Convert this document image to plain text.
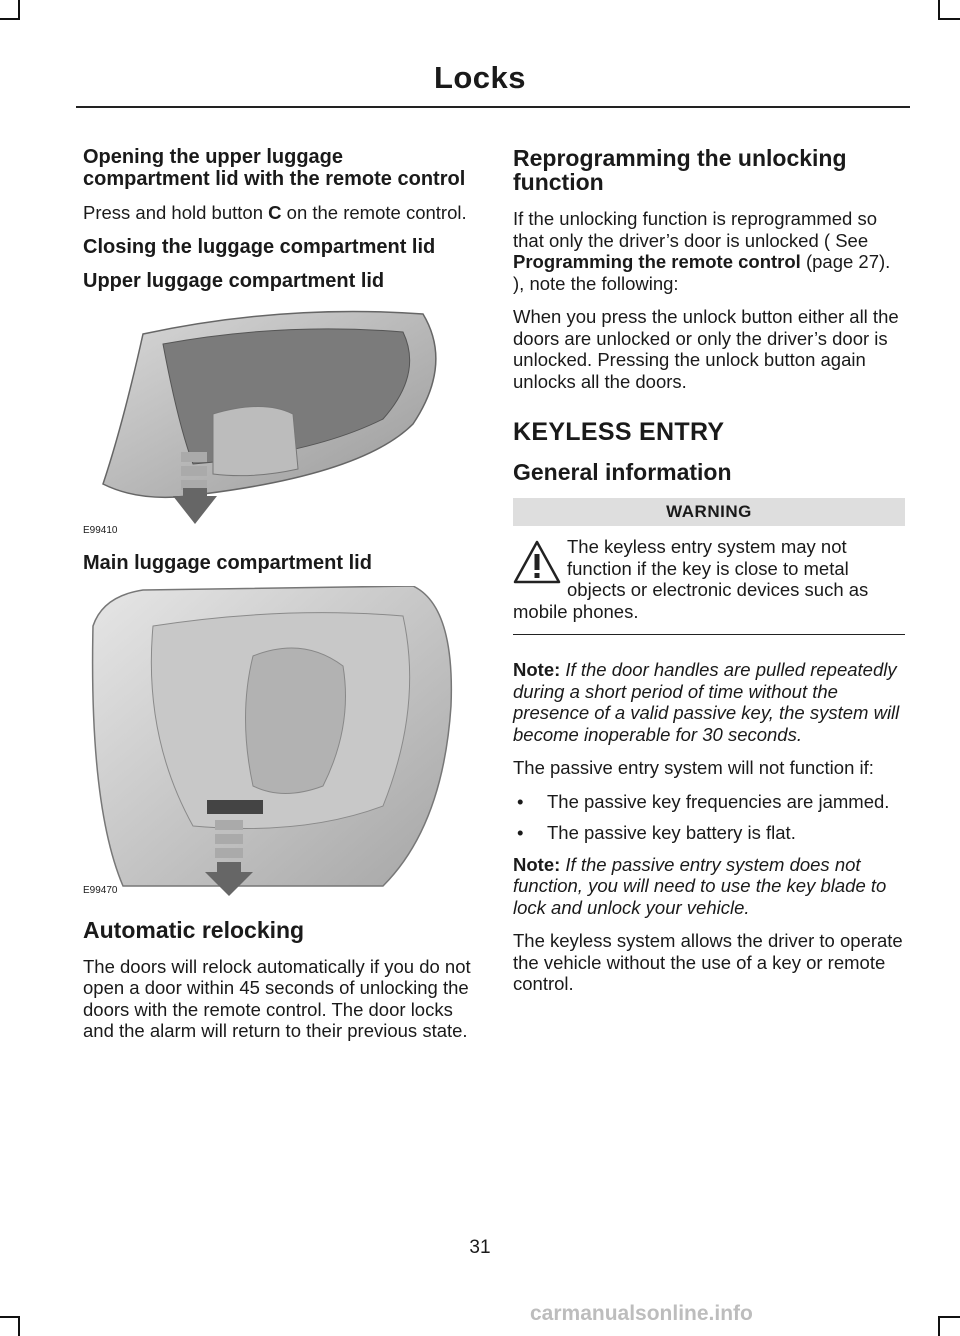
Locks
Opening the upper luggage compartment lid with the remote control

Press and hold button C on the remote control.

Closing the luggage compartment lid
Upper luggage compartment lid
E99410
Main luggage compartment lid
E99470
Automatic relocking

The doors will relock automatically if you do not open a door within 45 seconds of unlocking the doors with the remote control. The door locks and the alarm will return to their previous state.

Reprogramming the unlocking function

If the unlocking function is reprogrammed so that only the driver’s door is unlocked ( See Programming the remote control (page 27). ), note the following:

When you press the unlock button either all the doors are unlocked or only the driver’s door is unlocked. Pressing the unlock button again unlocks all the doors.

KEYLESS ENTRY
General information
WARNING
The keyless entry system may not function if the key is close to metal objects or electronic devices such as mobile phones.

Note: If the door handles are pulled repeatedly during a short period of time without the presence of a valid passive key, the system will become inoperable for 30 seconds.

The passive entry system will not function if:

• The passive key frequencies are jammed.
• The passive key battery is flat.

Note: If the passive entry system does not function, you will need to use the key blade to lock and unlock your vehicle.

The keyless system allows the driver to operate the vehicle without the use of a key or remote control.

31
carmanualsonline.info
